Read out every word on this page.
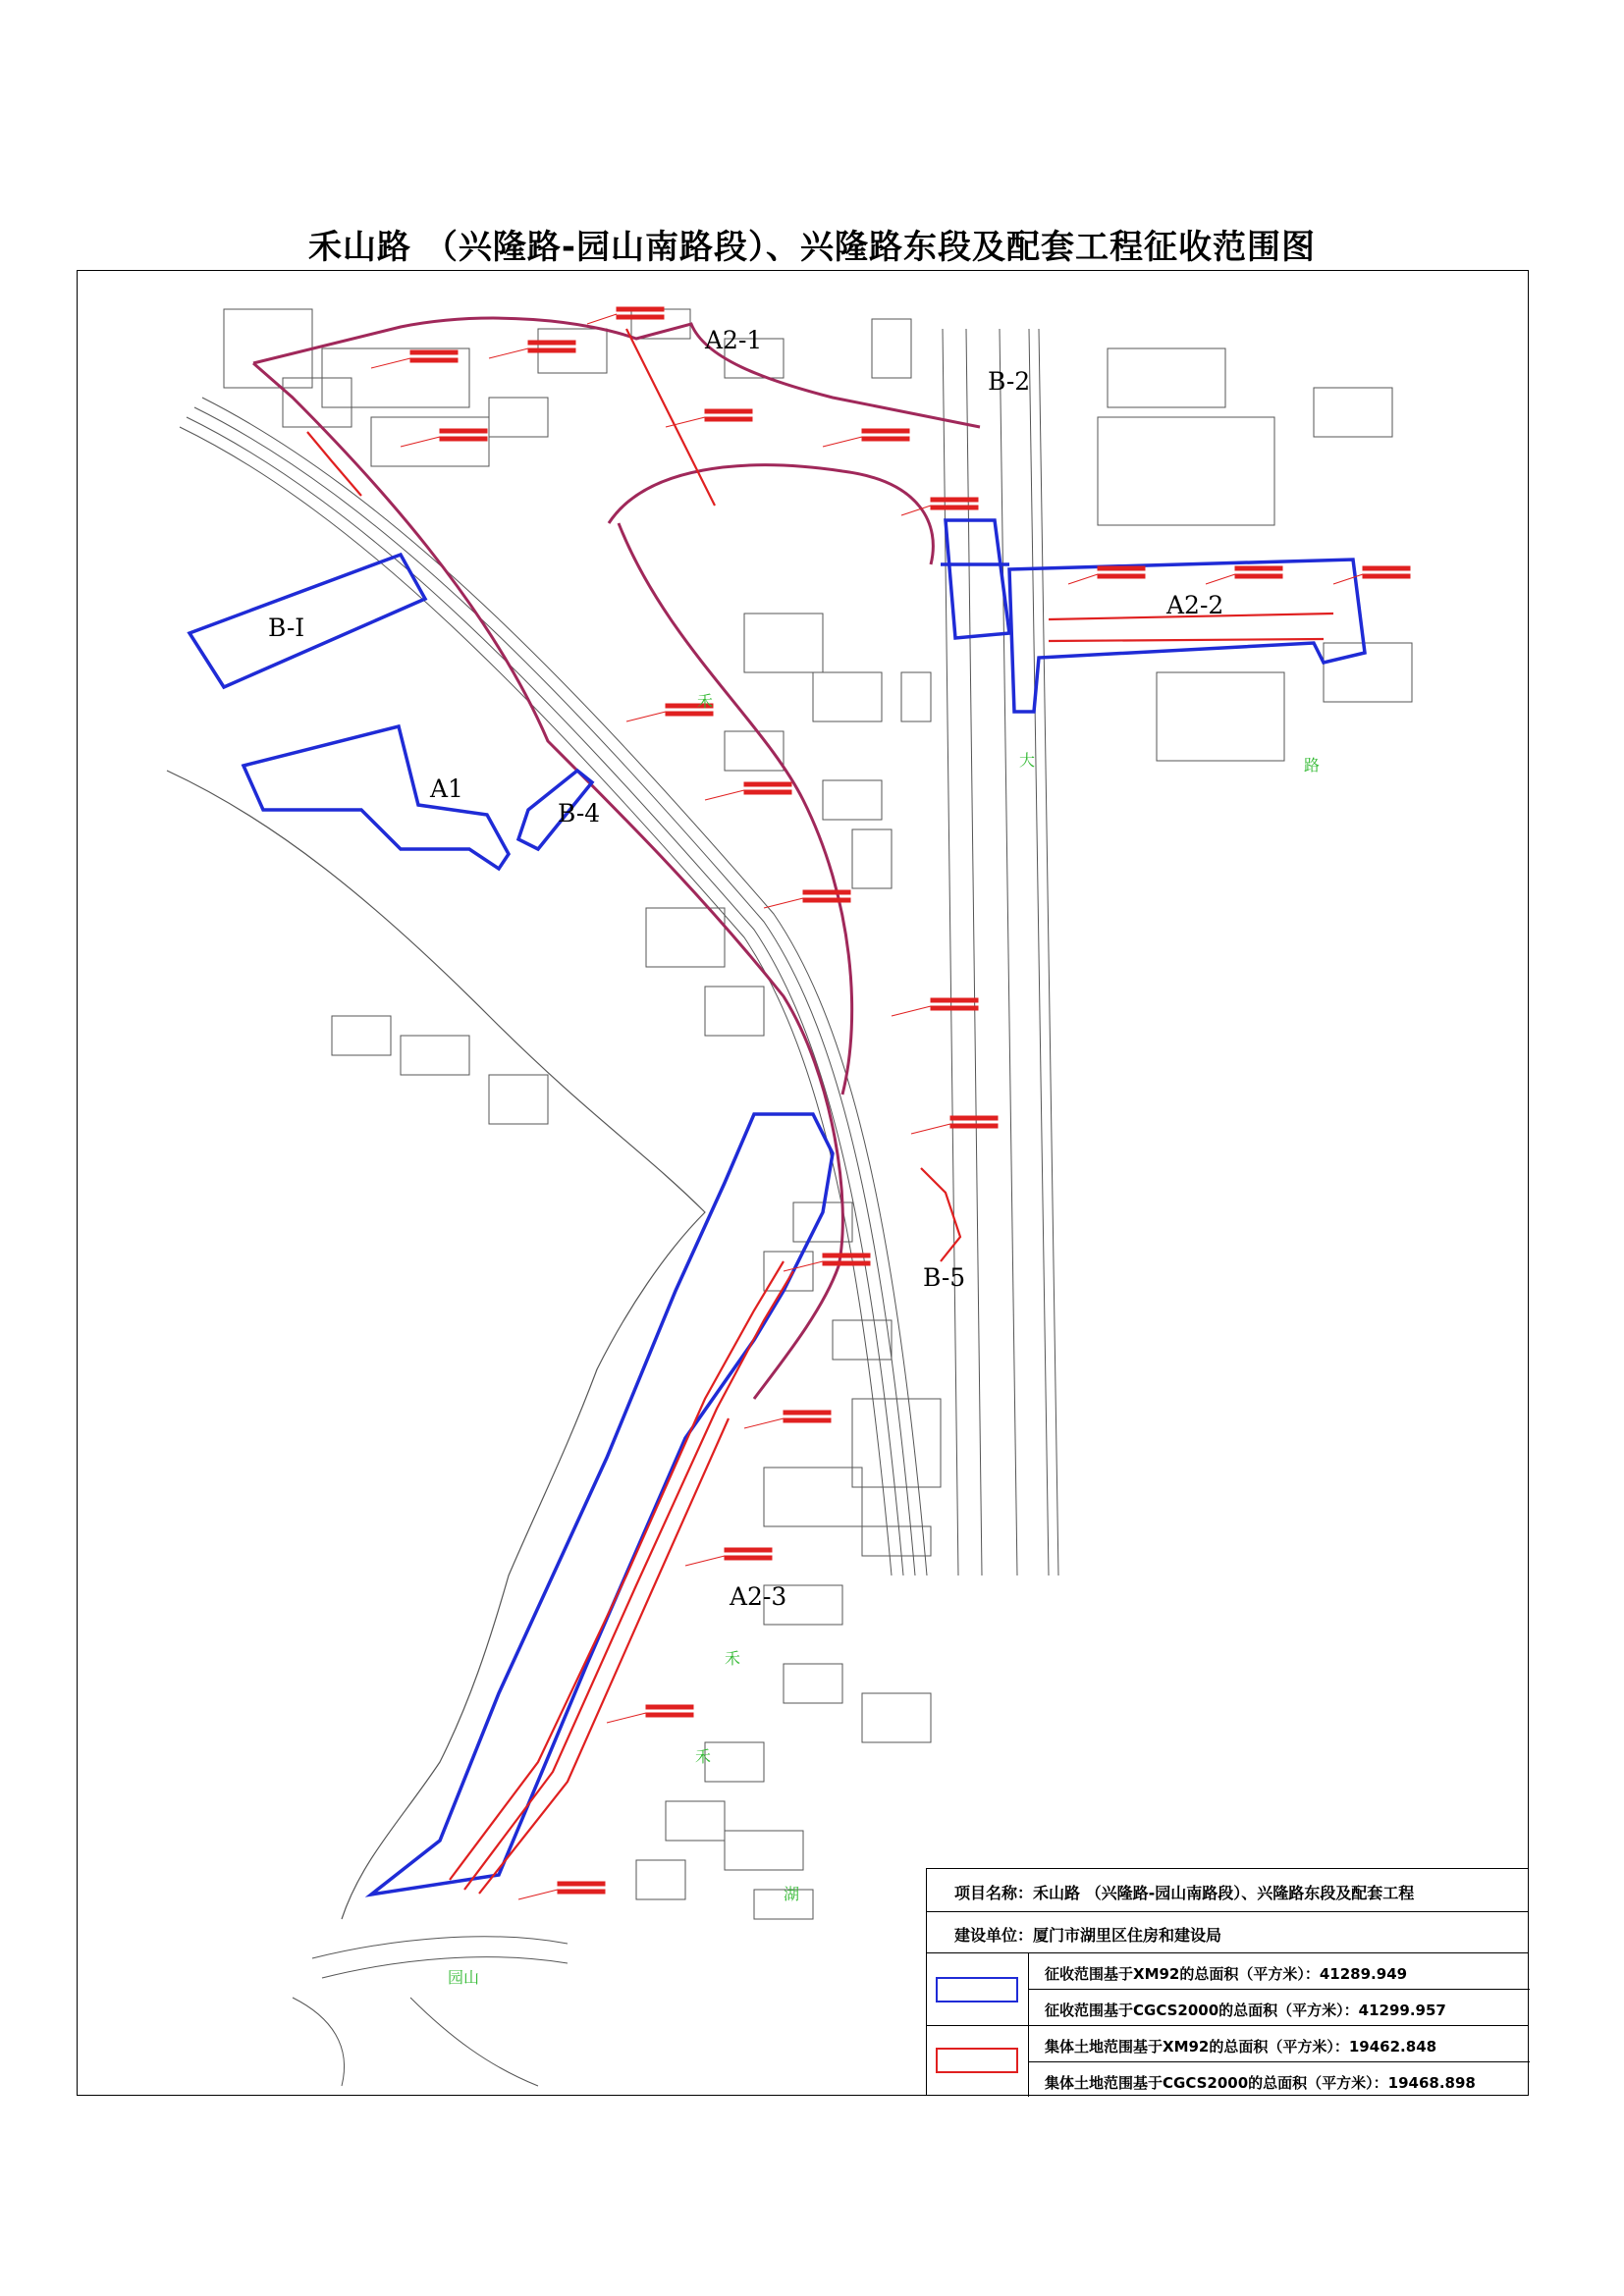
禾山路 （兴隆路-园山南路段）、兴隆路东段及配套工程征收范围图
B-I
A1
B-4
A2-1
B-2
A2-2
B-5
A2-3
禾
大	路
禾
禾
湖
园山
项目名称：禾山路 （兴隆路-园山南路段）、兴隆路东段及配套工程
建设单位：厦门市湖里区住房和建设局
征收范围基于XM92的总面积（平方米）：41289.949
征收范围基于CGCS2000的总面积（平方米）：41299.957
集体土地范围基于XM92的总面积（平方米）：19462.848
集体土地范围基于CGCS2000的总面积（平方米）：19468.898
